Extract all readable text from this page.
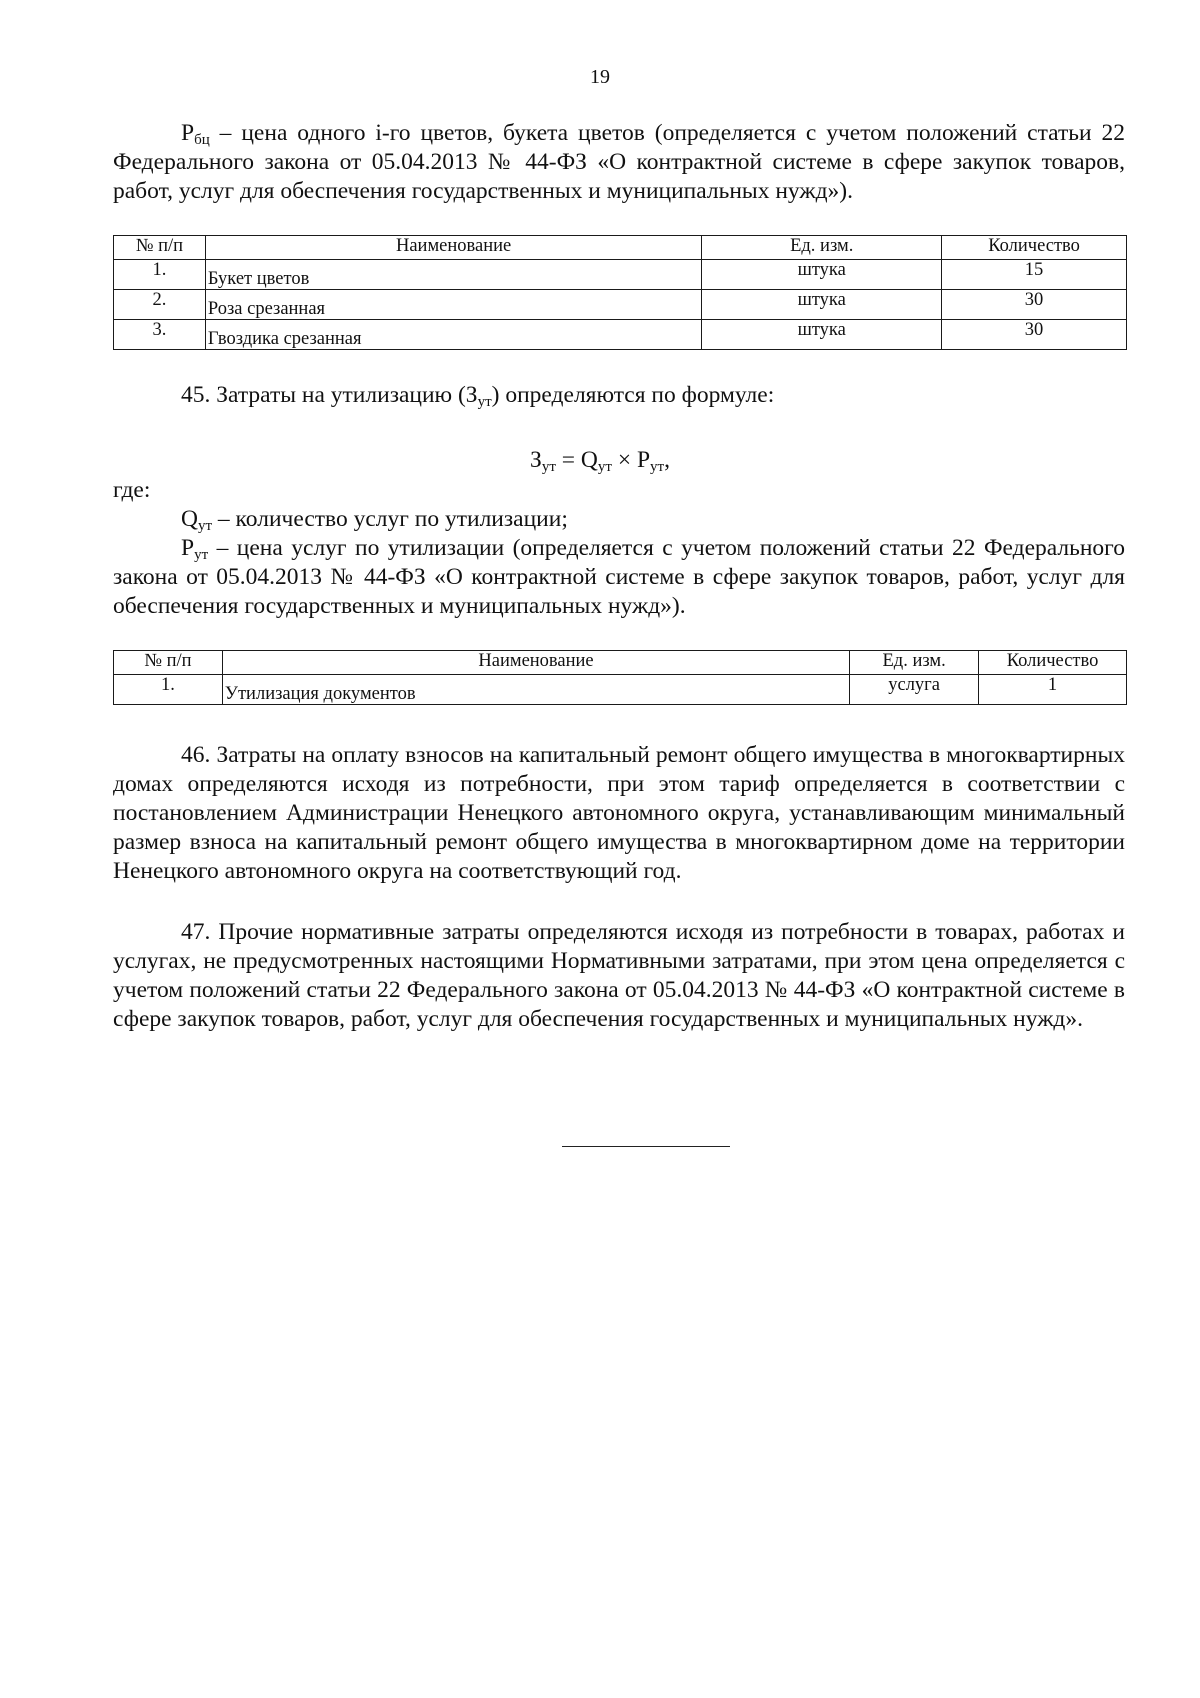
19

$P_{бц}$ – цена одного i-го цветов, букета цветов (определяется с учетом положений статьи 22 Федерального закона от 05.04.2013 № 44-ФЗ «О контрактной системе в сфере закупок товаров, работ, услуг для обеспечения государственных и муниципальных нужд»).

№ п/п	Наименование	Ед. изм.	Количество
1.	Букет цветов	штука	15
2.	Роза срезанная	штука	30
3.	Гвоздика срезанная	штука	30

45. Затраты на утилизацию $(З_{ут})$ определяются по формуле:

$З_{ут} = Q_{ут} \times P_{ут}$,

где:

$Q_{ут}$ – количество услуг по утилизации;

$P_{ут}$ – цена услуг по утилизации (определяется с учетом положений статьи 22 Федерального закона от 05.04.2013 № 44-ФЗ «О контрактной системе в сфере закупок товаров, работ, услуг для обеспечения государственных и муниципальных нужд»).

№ п/п	Наименование	Ед. изм.	Количество
1.	Утилизация документов	услуга	1

46. Затраты на оплату взносов на капитальный ремонт общего имущества в многоквартирных домах определяются исходя из потребности, при этом тариф определяется в соответствии с постановлением Администрации Ненецкого автономного округа, устанавливающим минимальный размер взноса на капитальный ремонт общего имущества в многоквартирном доме на территории Ненецкого автономного округа на соответствующий год.

47. Прочие нормативные затраты определяются исходя из потребности в товарах, работах и услугах, не предусмотренных настоящими Нормативными затратами, при этом цена определяется с учетом положений статьи 22 Федерального закона от 05.04.2013 № 44-ФЗ «О контрактной системе в сфере закупок товаров, работ, услуг для обеспечения государственных и муниципальных нужд».
